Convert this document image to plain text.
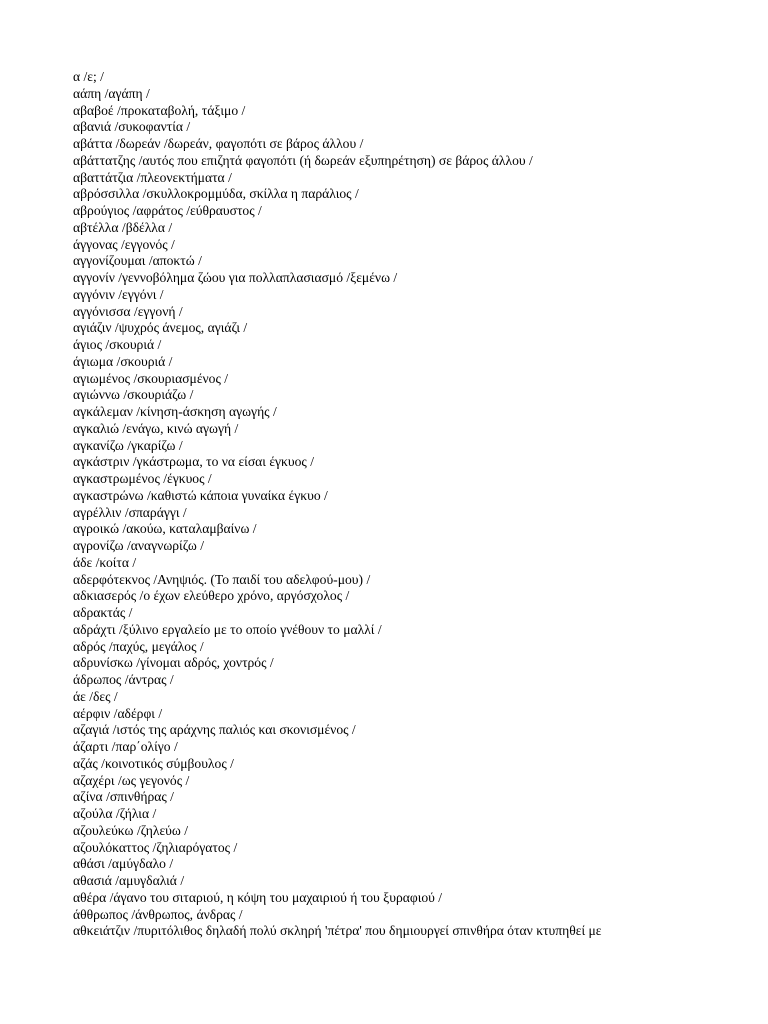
α /ε; /
αάπη /αγάπη /
αβαβοέ /προκαταβολή, τάξιμο /
αβανιά /συκοφαντία /
αβάττα /δωρεάν /δωρεάν, φαγοπότι σε βάρος άλλου /
αβάττατζης /αυτός που επιζητά φαγοπότι (ή δωρεάν εξυπηρέτηση) σε βάρος άλλου /
αβαττάτζια /πλεονεκτήματα /
αβρόσσιλλα /σκυλλοκρομμύδα, σκίλλα η παράλιος /
αβρούγιος /αφράτος /εύθραυστος /
αβτέλλα /βδέλλα /
άγγονας /εγγονός /
αγγονίζουμαι /αποκτώ /
αγγονίν /γεννοβόλημα ζώου για πολλαπλασιασμό /ξεμένω /
αγγόνιν /εγγόνι /
αγγόνισσα /εγγονή /
αγιάζιν /ψυχρός άνεμος, αγιάζι /
άγιος /σκουριά /
άγιωμα /σκουριά /
αγιωμένος /σκουριασμένος /
αγιώννω /σκουριάζω /
αγκάλεμαν /κίνηση-άσκηση αγωγής /
αγκαλιώ /ενάγω, κινώ αγωγή /
αγκανίζω /γκαρίζω /
αγκάστριν /γκάστρωμα, το να είσαι έγκυος /
αγκαστρωμένος /έγκυος /
αγκαστρώνω /καθιστώ κάποια γυναίκα έγκυο /
αγρέλλιν /σπαράγγι /
αγροικώ /ακούω, καταλαμβαίνω /
αγρονίζω /αναγνωρίζω /
άδε /κοίτα /
αδερφότεκνος /Ανηψιός. (Το παιδί του αδελφού-μου) /
αδκιασερός /ο έχων ελεύθερο χρόνο, αργόσχολος /
αδρακτάς /
αδράχτι /ξύλινο εργαλείο με το οποίο γνέθουν το μαλλί /
αδρός /παχύς, μεγάλος /
αδρυνίσκω /γίνομαι αδρός, χοντρός /
άδρωπος /άντρας /
άε /δες /
αέρφιν /αδέρφι /
αζαγιά /ιστός της αράχνης παλιός και σκονισμένος /
άζαρτι /παρ΄ολίγο /
αζάς /κοινοτικός σύμβουλος /
αζαχέρι /ως γεγονός /
αζίνα /σπινθήρας /
αζούλα /ζήλια /
αζουλεύκω /ζηλεύω /
αζουλόκαττος /ζηλιαρόγατος /
αθάσι /αμύγδαλο /
αθασιά /αμυγδαλιά /
αθέρα /άγανο του σιταριού, η κόψη του μαχαιριού ή του ξυραφιού /
άθθρωπος /άνθρωπος, άνδρας /
αθκειάτζιν /πυριτόλιθος δηλαδή πολύ σκληρή 'πέτρα' που δημιουργεί σπινθήρα όταν κτυπηθεί με
